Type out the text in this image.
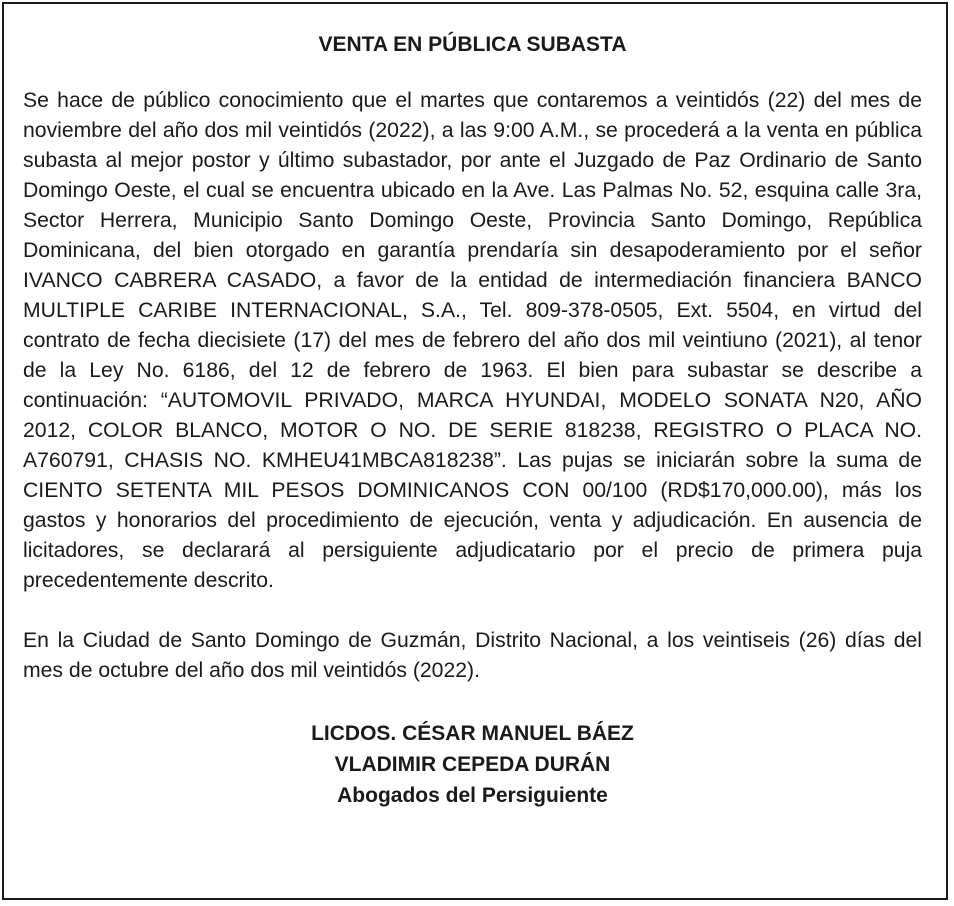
VENTA EN PÚBLICA SUBASTA

Se hace de público conocimiento que el martes que contaremos a veintidós (22) del mes de noviembre del año dos mil veintidós (2022), a las 9:00 A.M., se procederá a la venta en pública subasta al mejor postor y último subastador, por ante el Juzgado de Paz Ordinario de Santo Domingo Oeste, el cual se encuentra ubicado en la Ave. Las Palmas No. 52, esquina calle 3ra, Sector Herrera, Municipio Santo Domingo Oeste, Provincia Santo Domingo, República Dominicana, del bien otorgado en garantía prendaría sin desapoderamiento por el señor IVANCO CABRERA CASADO, a favor de la entidad de intermediación financiera BANCO MULTIPLE CARIBE INTERNACIONAL, S.A., Tel. 809-378-0505, Ext. 5504, en virtud del contrato de fecha diecisiete (17) del mes de febrero del año dos mil veintiuno (2021), al tenor de la Ley No. 6186, del 12 de febrero de 1963. El bien para subastar se describe a continuación: “AUTOMOVIL PRIVADO, MARCA HYUNDAI, MODELO SONATA N20, AÑO 2012, COLOR BLANCO, MOTOR O NO. DE SERIE 818238, REGISTRO O PLACA NO. A760791, CHASIS NO. KMHEU41MBCA818238”. Las pujas se iniciarán sobre la suma de CIENTO SETENTA MIL PESOS DOMINICANOS CON 00/100 (RD$170,000.00), más los gastos y honorarios del procedimiento de ejecución, venta y adjudicación. En ausencia de licitadores, se declarará al persiguiente adjudicatario por el precio de primera puja precedentemente descrito.

En la Ciudad de Santo Domingo de Guzmán, Distrito Nacional, a los veintiseis (26) días del mes de octubre del año dos mil veintidós (2022).

LICDOS. CÉSAR MANUEL BÁEZ
VLADIMIR CEPEDA DURÁN
Abogados del Persiguiente
